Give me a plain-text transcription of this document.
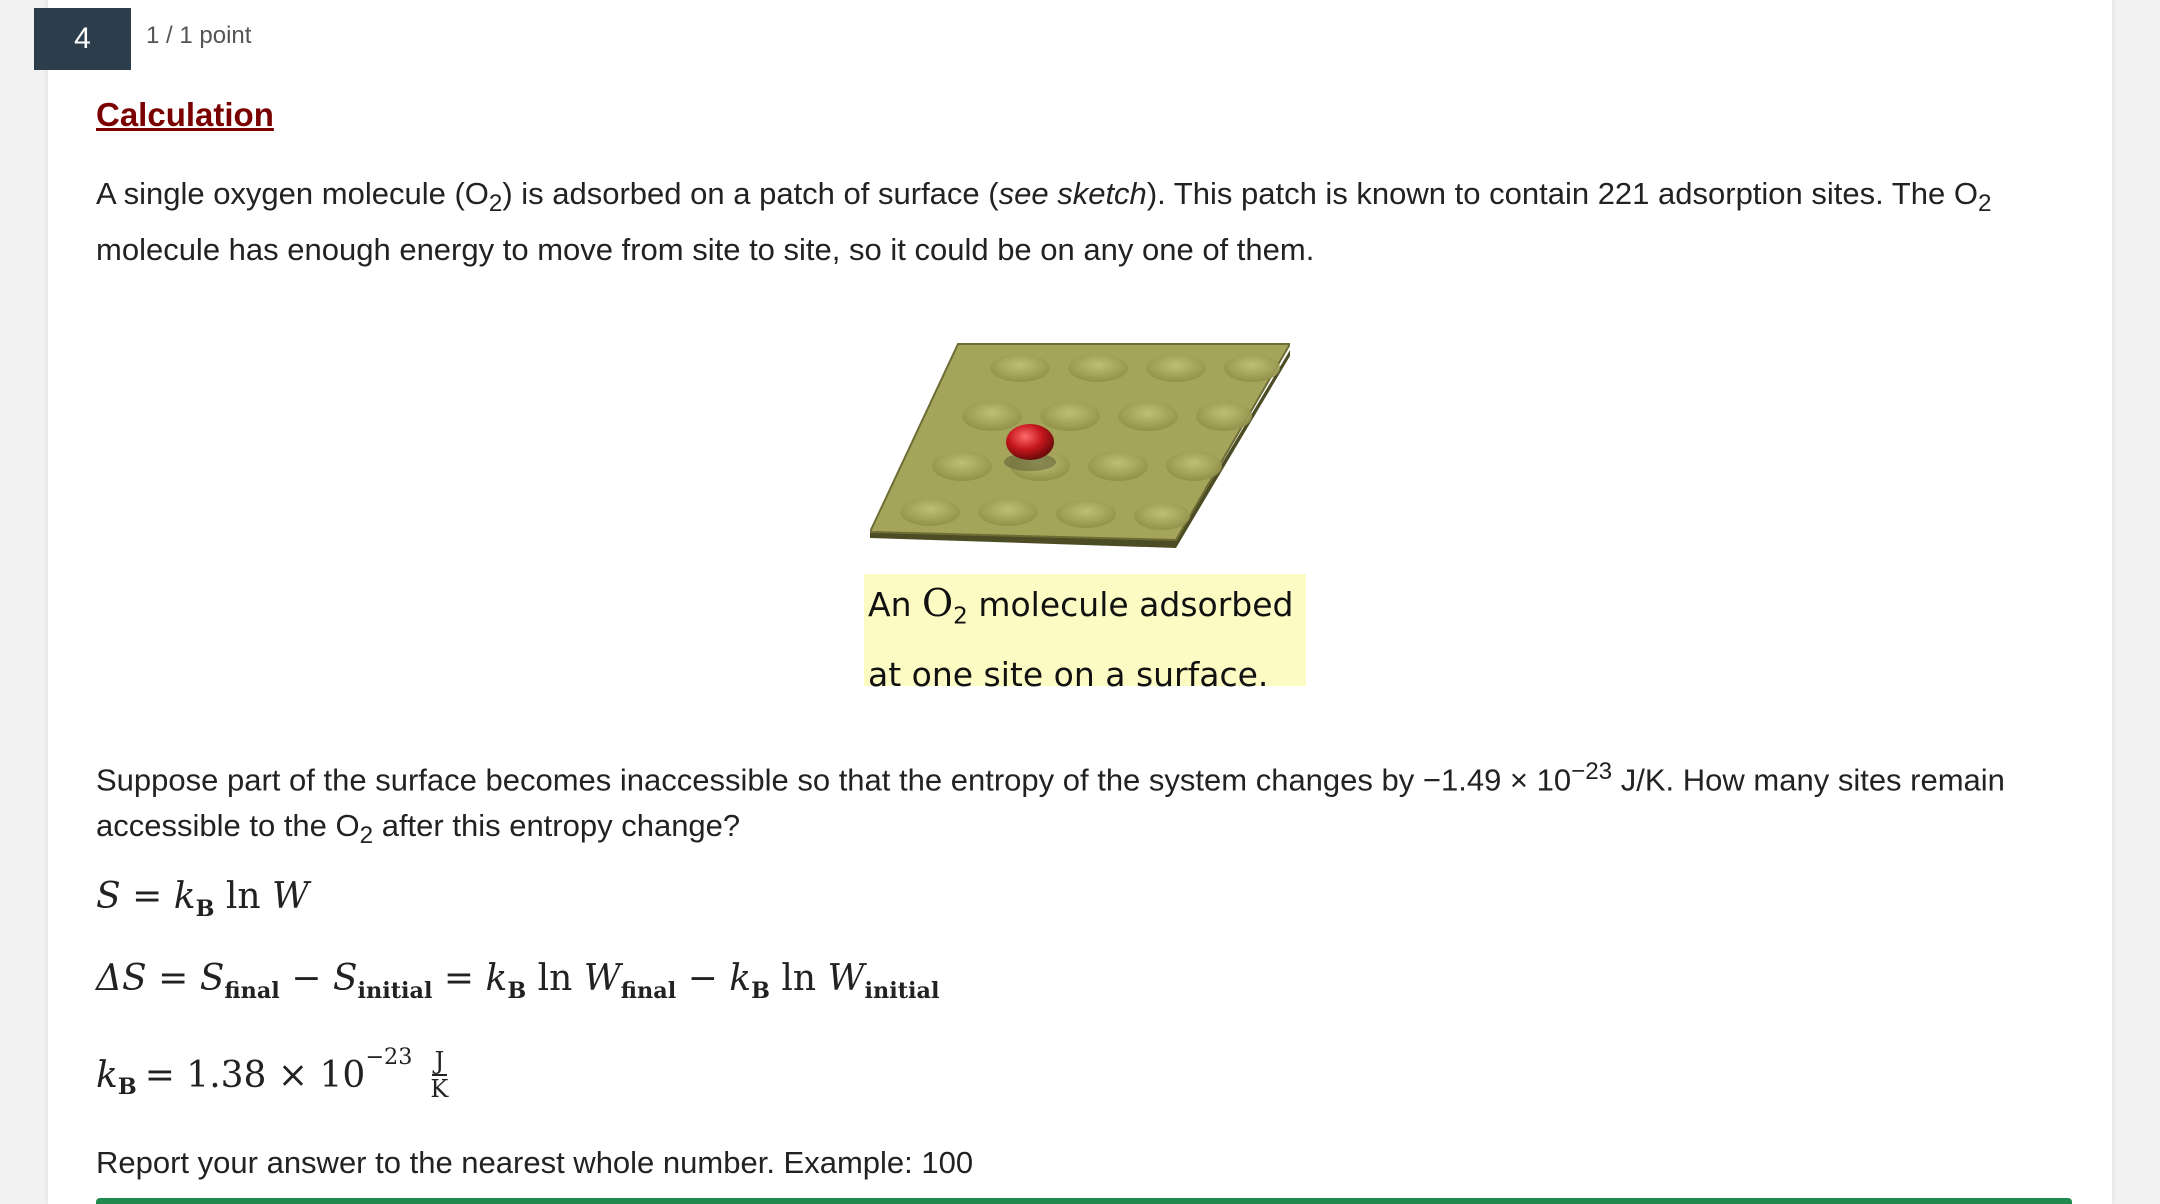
4	1 / 1 point
Calculation
A single oxygen molecule $(O_2)$ is adsorbed on a patch of surface (see sketch). This patch is known to contain 221 adsorption sites. The $O_2$ molecule has enough energy to move from site to site, so it could be on any one of them.
An $O_2$ molecule adsorbed
at one site on a surface.
Suppose part of the surface becomes inaccessible so that the entropy of the system changes by $-1.49 \times 10^{-23}$ J/K. How many sites remain accessible to the $O_2$ after this entropy change?
$S = k_B$ ln W
$\Delta S = S_{final} - S_{initial} = k_B$ $\ln W_{final} - k_B$ $\ln W_{initial}$
$k_B = 1.38 \times 10^{-23} \frac{J}{K}$
Report your answer to the nearest whole number. Example: 100
